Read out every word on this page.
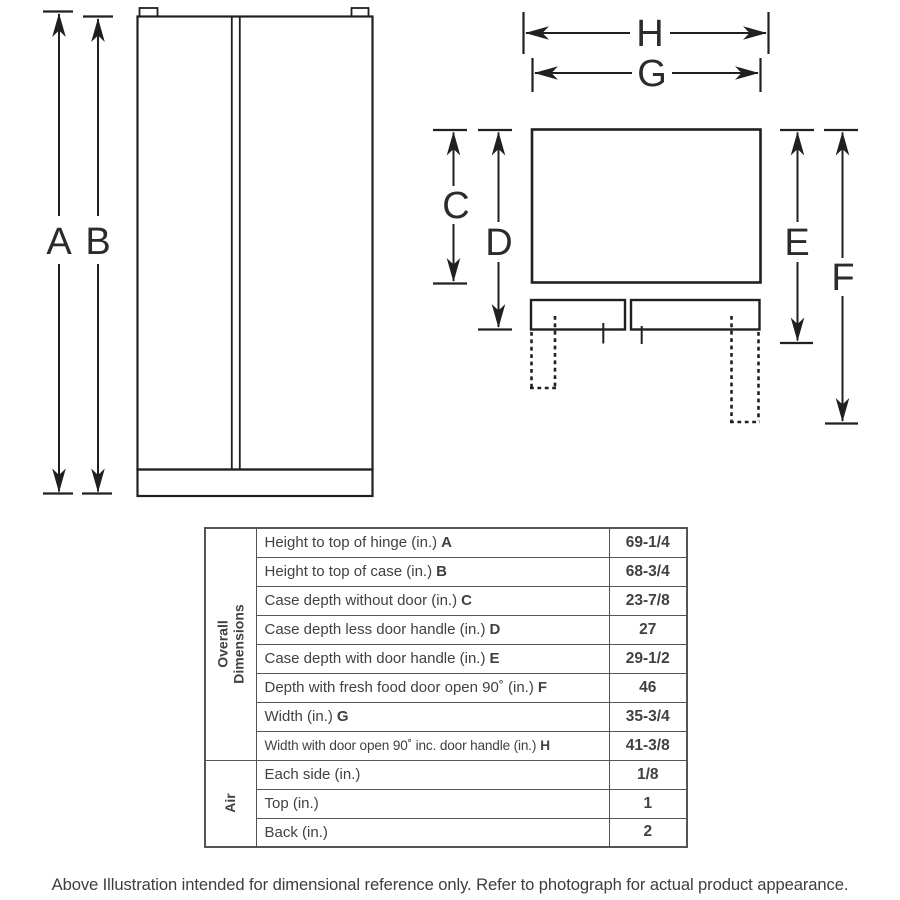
A B
H
G
C
D	E
F
Overall Dimensions	Height to top of hinge (in.) A	69-1/4
	Height to top of case (in.) B	68-3/4
	Case depth without door (in.) C	23-7/8
	Case depth less door handle (in.) D	27
	Case depth with door handle (in.) E	29-1/2
	Depth with fresh food door open 90˚ (in.) F	46
	Width (in.) G	35-3/4
	Width with door open 90˚ inc. door handle (in.) H	41-3/8

Air	Each side (in.)	1/8
	Top (in.)	1
	Back (in.)	2
Above Illustration intended for dimensional reference only. Refer to photograph for actual product appearance.
